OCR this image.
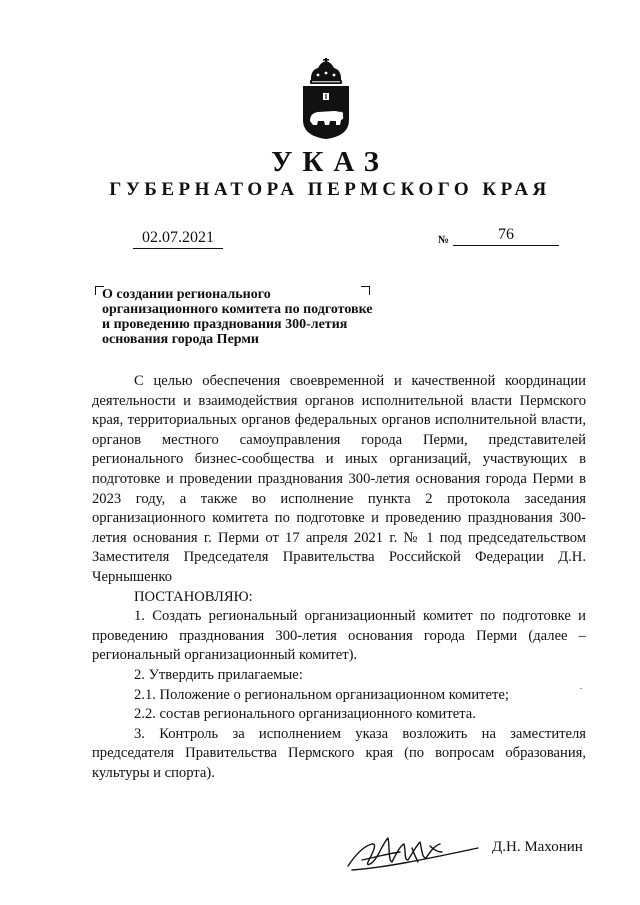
УКАЗ
ГУБЕРНАТОРА ПЕРМСКОГО КРАЯ
02.07.2021	№	76
О создании регионального
организационного комитета по подготовке
и проведению празднования 300-летия
основания города Перми

С целью обеспечения своевременной и качественной координации деятельности и взаимодействия органов исполнительной власти Пермского края, территориальных органов федеральных органов исполнительной власти, органов местного самоуправления города Перми, представителей регионального бизнес-сообщества и иных организаций, участвующих в подготовке и проведении празднования 300-летия основания города Перми в 2023 году, а также во исполнение пункта 2 протокола заседания организационного комитета по подготовке и проведению празднования 300-летия основания г. Перми от 17 апреля 2021 г. № 1 под председательством Заместителя Председателя Правительства Российской Федерации Д.Н. Чернышенко

ПОСТАНОВЛЯЮ:

1. Создать региональный организационный комитет по подготовке и проведению празднования 300-летия основания города Перми (далее – региональный организационный комитет).

2. Утвердить прилагаемые:

2.1. Положение о региональном организационном комитете;

2.2. состав регионального организационного комитета.

3. Контроль за исполнением указа возложить на заместителя председателя Правительства Пермского края (по вопросам образования, культуры и спорта).

Д.Н. Махонин
